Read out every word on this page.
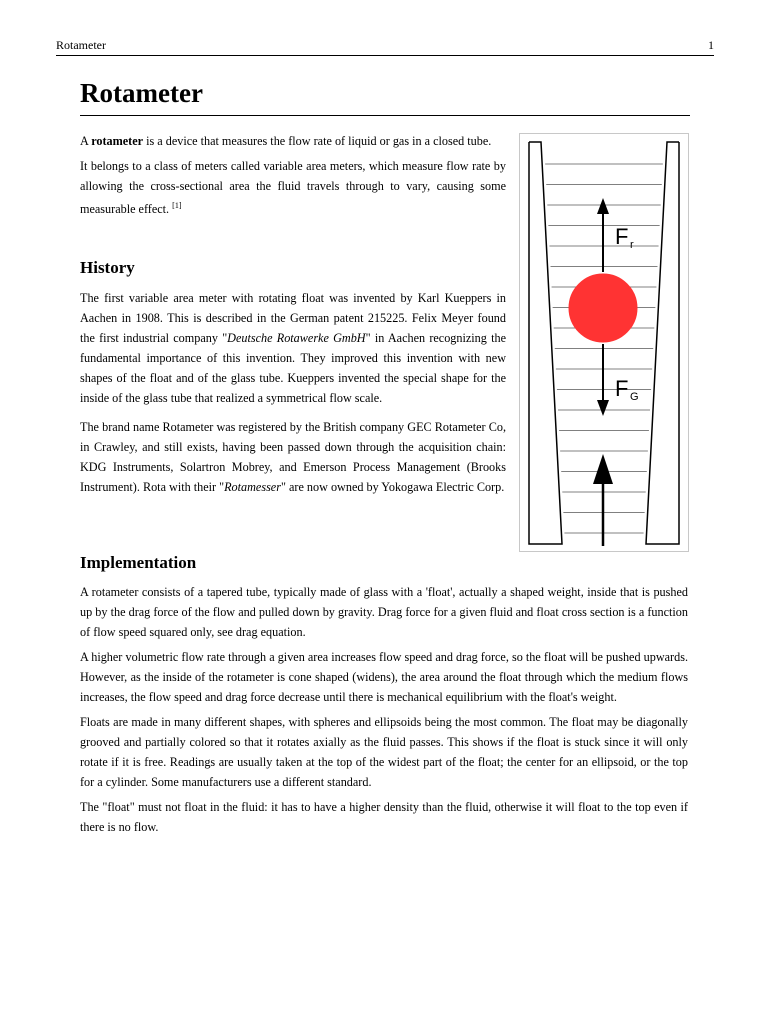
Rotameter	1
Rotameter

A rotameter is a device that measures the flow rate of liquid or gas in a closed tube.

It belongs to a class of meters called variable area meters, which measure flow rate by allowing the cross-sectional area the fluid travels through to vary, causing some measurable effect. [1]

History

The first variable area meter with rotating float was invented by Karl Kueppers in Aachen in 1908. This is described in the German patent 215225. Felix Meyer found the first industrial company "Deutsche Rotawerke GmbH" in Aachen recognizing the fundamental importance of this invention. They improved this invention with new shapes of the float and of the glass tube. Kueppers invented the special shape for the inside of the glass tube that realized a symmetrical flow scale.

The brand name Rotameter was registered by the British company GEC Rotameter Co, in Crawley, and still exists, having been passed down through the acquisition chain: KDG Instruments, Solartron Mobrey, and Emerson Process Management (Brooks Instrument). Rota with their "Rotamesser" are now owned by Yokogawa Electric Corp.

Implementation

A rotameter consists of a tapered tube, typically made of glass with a 'float', actually a shaped weight, inside that is pushed up by the drag force of the flow and pulled down by gravity. Drag force for a given fluid and float cross section is a function of flow speed squared only, see drag equation.

A higher volumetric flow rate through a given area increases flow speed and drag force, so the float will be pushed upwards. However, as the inside of the rotameter is cone shaped (widens), the area around the float through which the medium flows increases, the flow speed and drag force decrease until there is mechanical equilibrium with the float's weight.

Floats are made in many different shapes, with spheres and ellipsoids being the most common. The float may be diagonally grooved and partially colored so that it rotates axially as the fluid passes. This shows if the float is stuck since it will only rotate if it is free. Readings are usually taken at the top of the widest part of the float; the center for an ellipsoid, or the top for a cylinder. Some manufacturers use a different standard.

The "float" must not float in the fluid: it has to have a higher density than the fluid, otherwise it will float to the top even if there is no flow.

F r
F G
